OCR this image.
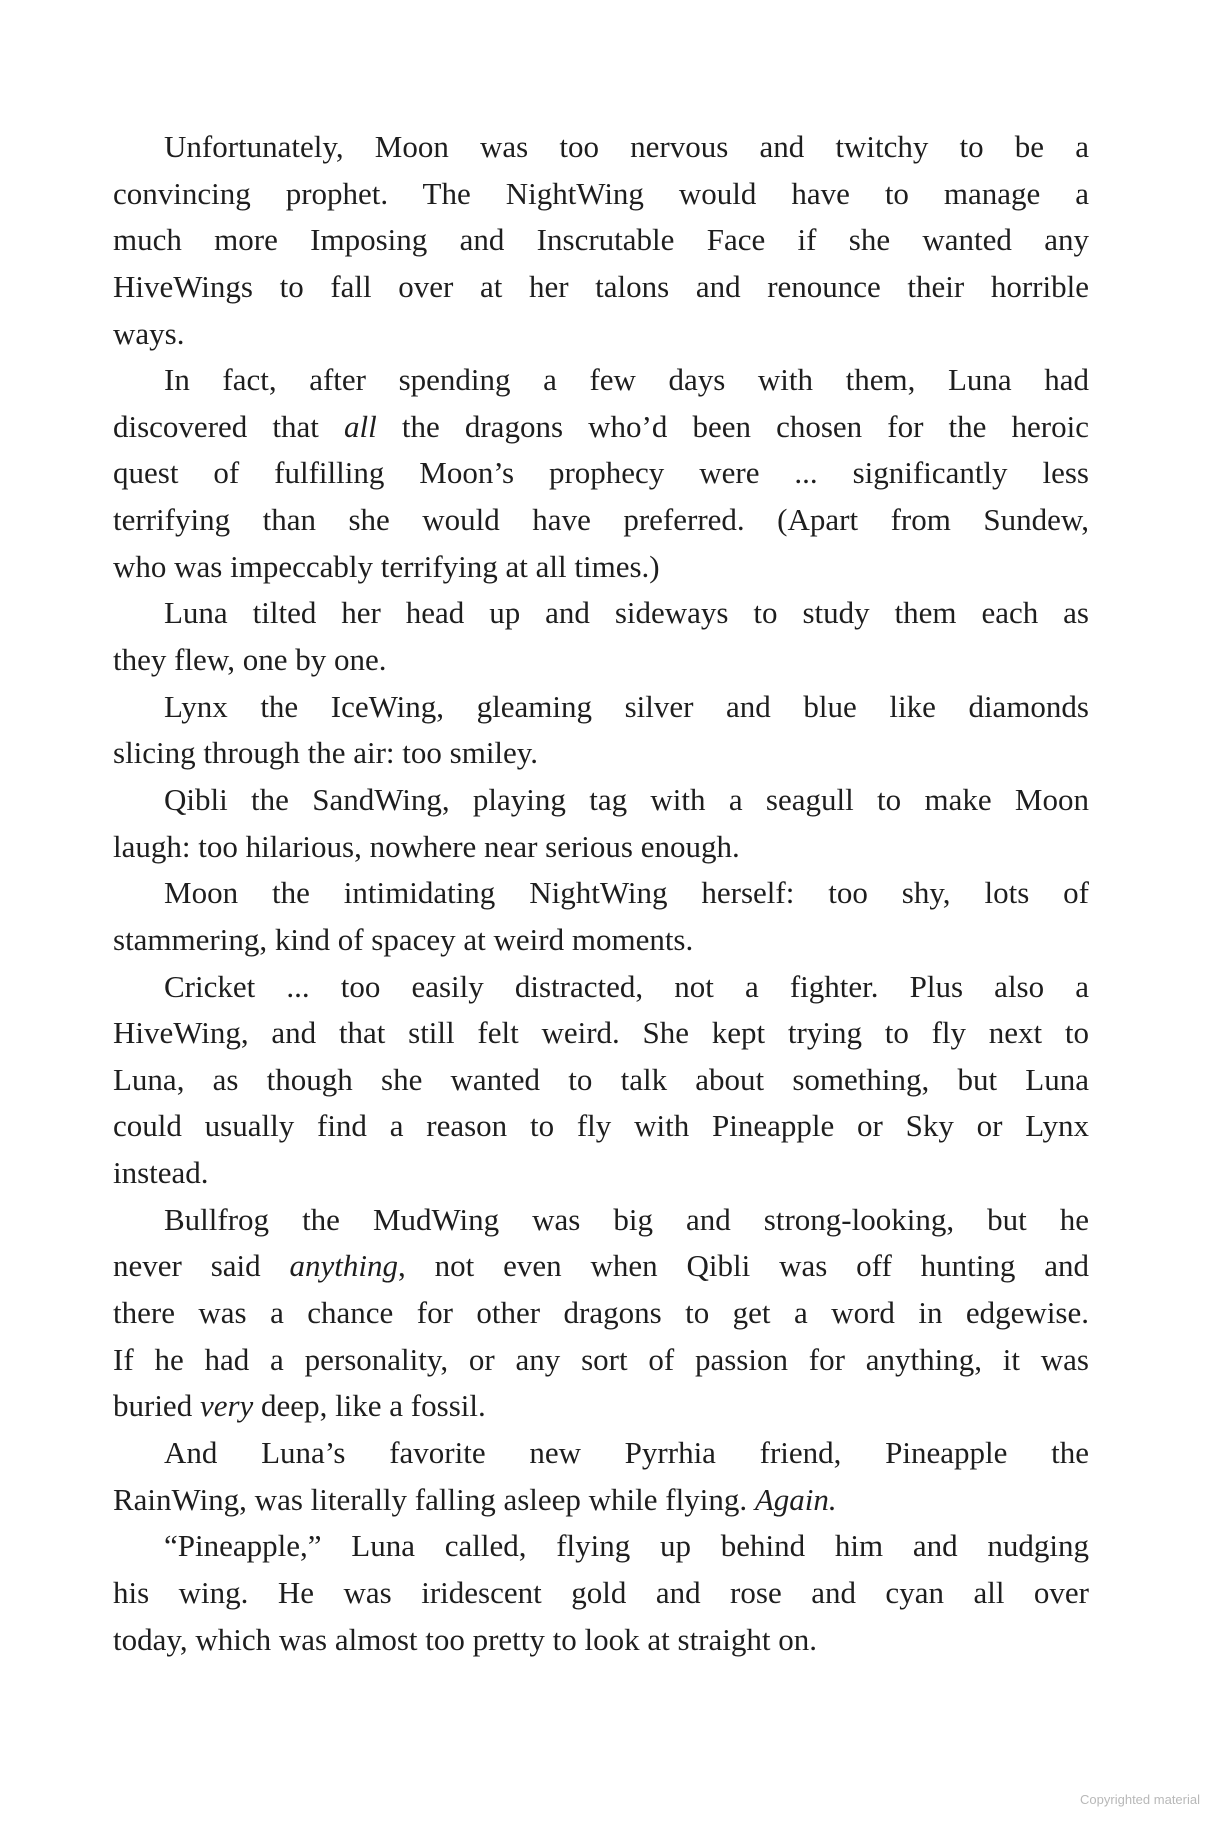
Unfortunately, Moon was too nervous and twitchy to be a
convincing prophet. The NightWing would have to manage a
much more Imposing and Inscrutable Face if she wanted any
HiveWings to fall over at her talons and renounce their horrible
ways.
In fact, after spending a few days with them, Luna had
discovered that all the dragons who’d been chosen for the heroic
quest of fulfilling Moon’s prophecy were ... significantly less
terrifying than she would have preferred. (Apart from Sundew,
who was impeccably terrifying at all times.)
Luna tilted her head up and sideways to study them each as
they flew, one by one.
Lynx the IceWing, gleaming silver and blue like diamonds
slicing through the air: too smiley.
Qibli the SandWing, playing tag with a seagull to make Moon
laugh: too hilarious, nowhere near serious enough.
Moon the intimidating NightWing herself: too shy, lots of
stammering, kind of spacey at weird moments.
Cricket ... too easily distracted, not a fighter. Plus also a
HiveWing, and that still felt weird. She kept trying to fly next to
Luna, as though she wanted to talk about something, but Luna
could usually find a reason to fly with Pineapple or Sky or Lynx
instead.
Bullfrog the MudWing was big and strong-looking, but he
never said anything, not even when Qibli was off hunting and
there was a chance for other dragons to get a word in edgewise.
If he had a personality, or any sort of passion for anything, it was
buried very deep, like a fossil.
And Luna’s favorite new Pyrrhia friend, Pineapple the
RainWing, was literally falling asleep while flying. Again.
“Pineapple,” Luna called, flying up behind him and nudging
his wing. He was iridescent gold and rose and cyan all over
today, which was almost too pretty to look at straight on.
Copyrighted material
